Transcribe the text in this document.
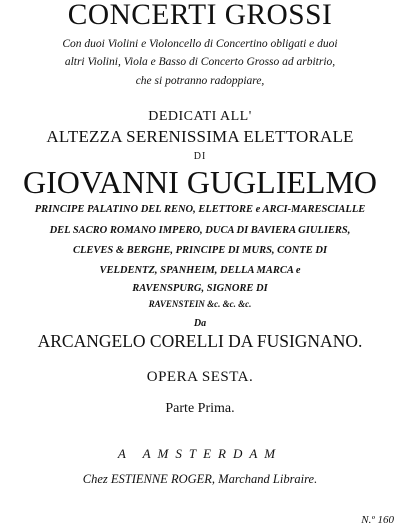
CONCERTI GROSSI
Con duoi Violini e Violoncello di Concertino obligati e duoi
altri Violini, Viola e Basso di Concerto Grosso ad arbitrio,
che si potranno radoppiare,
DEDICATI ALL'
ALTEZZA SERENISSIMA ELETTORALE
DI
GIOVANNI GUGLIELMO
PRINCIPE PALATINO DEL RENO, ELETTORE e ARCI-MARESCIALLE
DEL SACRO ROMANO IMPERO, DUCA DI BAVIERA GIULIERS,
CLEVES & BERGHE, PRINCIPE DI MURS, CONTE DI
VELDENTZ, SPANHEIM, DELLA MARCA e
RAVENSPURG, SIGNORE DI
RAVENSTEIN &c. &c. &c.
Da
ARCANGELO CORELLI DA FUSIGNANO.
OPERA SESTA.
Parte Prima.
A AMSTERDAM
Chez ESTIENNE ROGER, Marchand Libraire.
N.º 160
